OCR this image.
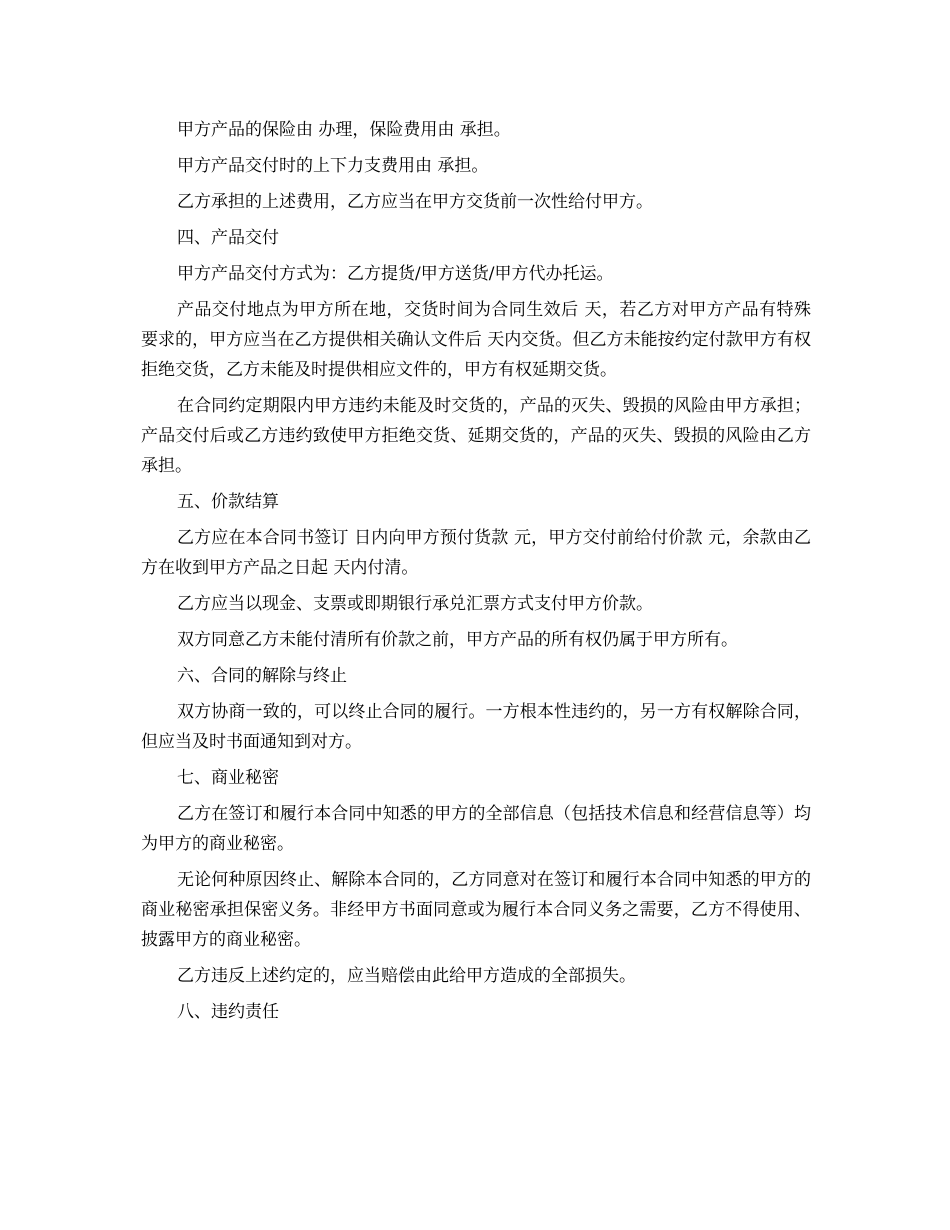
甲方产品的保险由 办理，保险费用由 承担。

甲方产品交付时的上下力支费用由 承担。

乙方承担的上述费用，乙方应当在甲方交货前一次性给付甲方。

四、产品交付

甲方产品交付方式为：乙方提货/甲方送货/甲方代办托运。

产品交付地点为甲方所在地，交货时间为合同生效后 天，若乙方对甲方产品有特殊要求的，甲方应当在乙方提供相关确认文件后 天内交货。但乙方未能按约定付款甲方有权拒绝交货，乙方未能及时提供相应文件的，甲方有权延期交货。

在合同约定期限内甲方违约未能及时交货的，产品的灭失、毁损的风险由甲方承担；产品交付后或乙方违约致使甲方拒绝交货、延期交货的，产品的灭失、毁损的风险由乙方承担。

五、价款结算

乙方应在本合同书签订 日内向甲方预付货款 元，甲方交付前给付价款 元，余款由乙方在收到甲方产品之日起 天内付清。

乙方应当以现金、支票或即期银行承兑汇票方式支付甲方价款。

双方同意乙方未能付清所有价款之前，甲方产品的所有权仍属于甲方所有。

六、合同的解除与终止

双方协商一致的，可以终止合同的履行。一方根本性违约的，另一方有权解除合同，但应当及时书面通知到对方。

七、商业秘密

乙方在签订和履行本合同中知悉的甲方的全部信息（包括技术信息和经营信息等）均为甲方的商业秘密。

无论何种原因终止、解除本合同的，乙方同意对在签订和履行本合同中知悉的甲方的商业秘密承担保密义务。非经甲方书面同意或为履行本合同义务之需要，乙方不得使用、披露甲方的商业秘密。

乙方违反上述约定的，应当赔偿由此给甲方造成的全部损失。

八、违约责任
